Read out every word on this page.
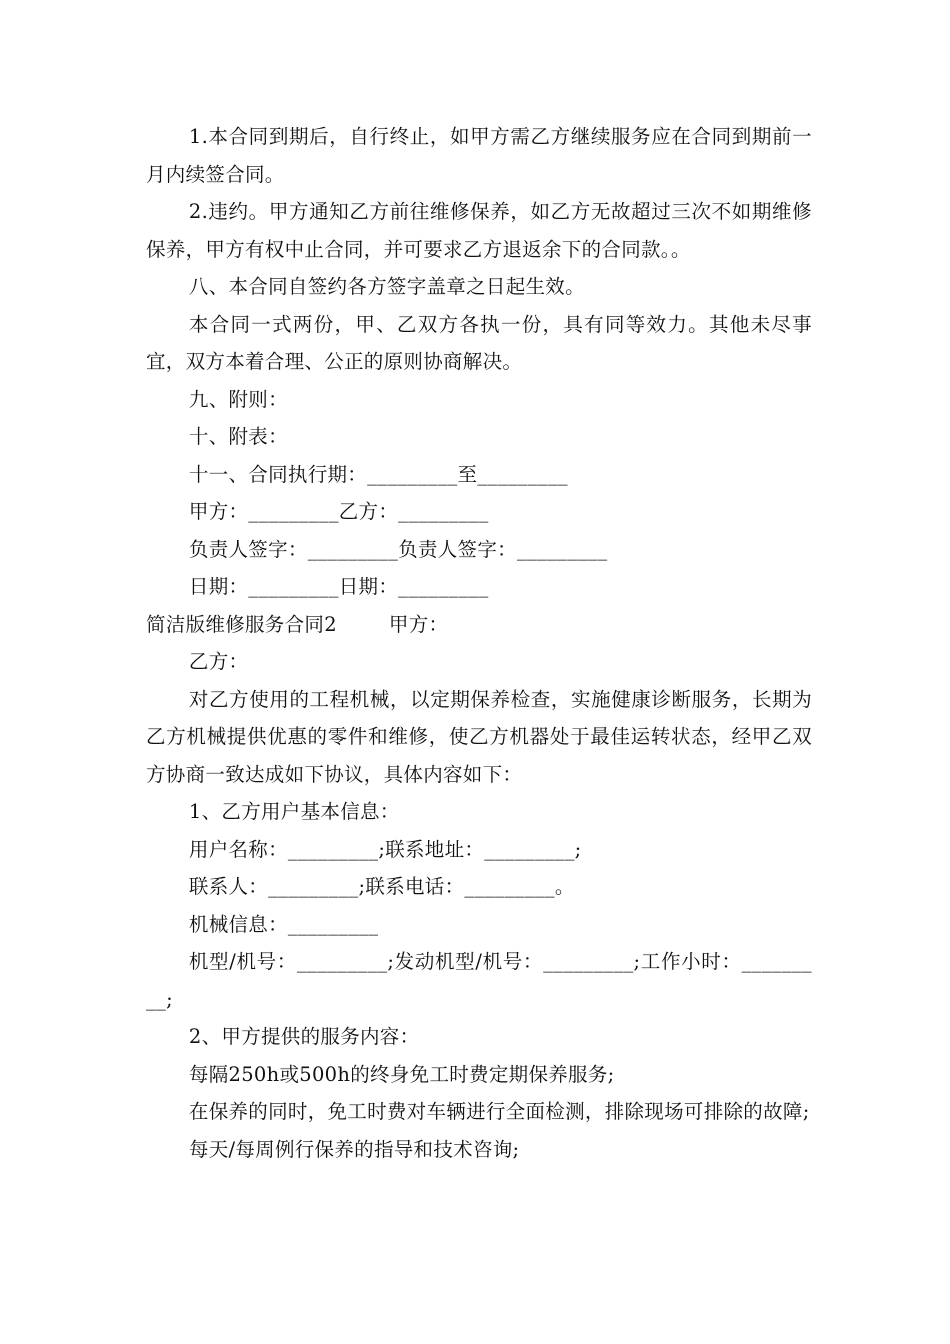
1.本合同到期后，自行终止，如甲方需乙方继续服务应在合同到期前一月内续签合同。

2.违约。甲方通知乙方前往维修保养，如乙方无故超过三次不如期维修保养，甲方有权中止合同，并可要求乙方退返余下的合同款。。

八、本合同自签约各方签字盖章之日起生效。

本合同一式两份，甲、乙双方各执一份，具有同等效力。其他未尽事宜，双方本着合理、公正的原则协商解决。

九、附则：

十、附表：

十一、合同执行期：_________至_________

甲方：_________乙方：_________

负责人签字：_________负责人签字：_________

日期：_________日期：_________

简洁版维修服务合同2        甲方：

乙方：

对乙方使用的工程机械，以定期保养检查，实施健康诊断服务，长期为乙方机械提供优惠的零件和维修，使乙方机器处于最佳运转状态，经甲乙双方协商一致达成如下协议，具体内容如下：

1、乙方用户基本信息：

用户名称：_________;联系地址：_________;

联系人：_________;联系电话：_________。

机械信息：_________

机型/机号：_________;发动机型/机号：_________;工作小时：_________;

2、甲方提供的服务内容：

每隔250h或500h的终身免工时费定期保养服务;

在保养的同时，免工时费对车辆进行全面检测，排除现场可排除的故障;

每天/每周例行保养的指导和技术咨询;
